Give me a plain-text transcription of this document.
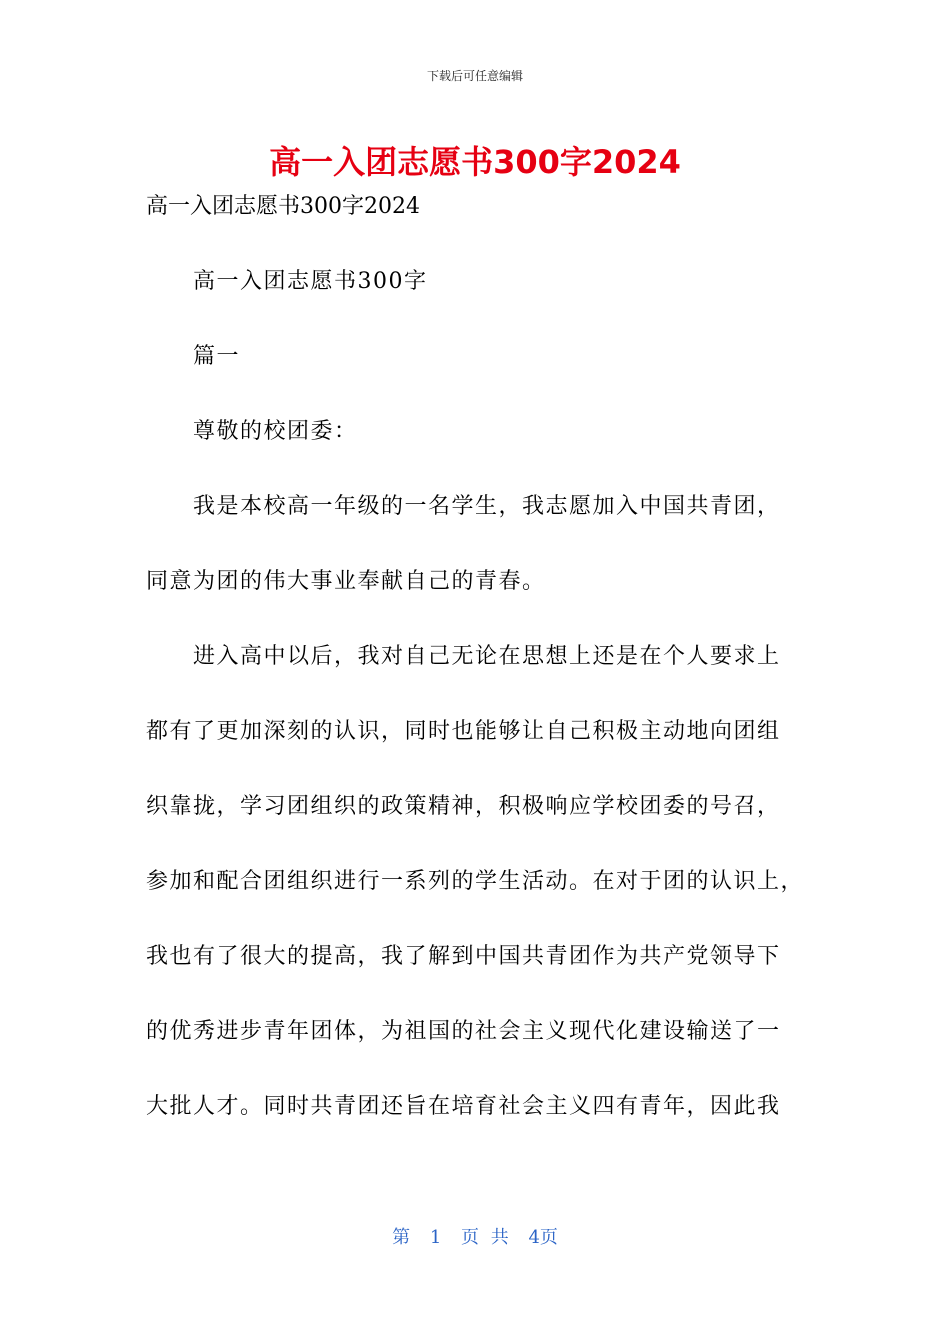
下载后可任意编辑
高一入团志愿书300字2024
高一入团志愿书300字2024
高一入团志愿书300字
篇一
尊敬的校团委：
我是本校高一年级的一名学生，我志愿加入中国共青团，
同意为团的伟大事业奉献自己的青春。
进入高中以后，我对自己无论在思想上还是在个人要求上
都有了更加深刻的认识，同时也能够让自己积极主动地向团组
织靠拢，学习团组织的政策精神，积极响应学校团委的号召，
参加和配合团组织进行一系列的学生活动。在对于团的认识上，
我也有了很大的提高，我了解到中国共青团作为共产党领导下
的优秀进步青年团体，为祖国的社会主义现代化建设输送了一
大批人才。同时共青团还旨在培育社会主义四有青年，因此我
第 1 页 共 4页
